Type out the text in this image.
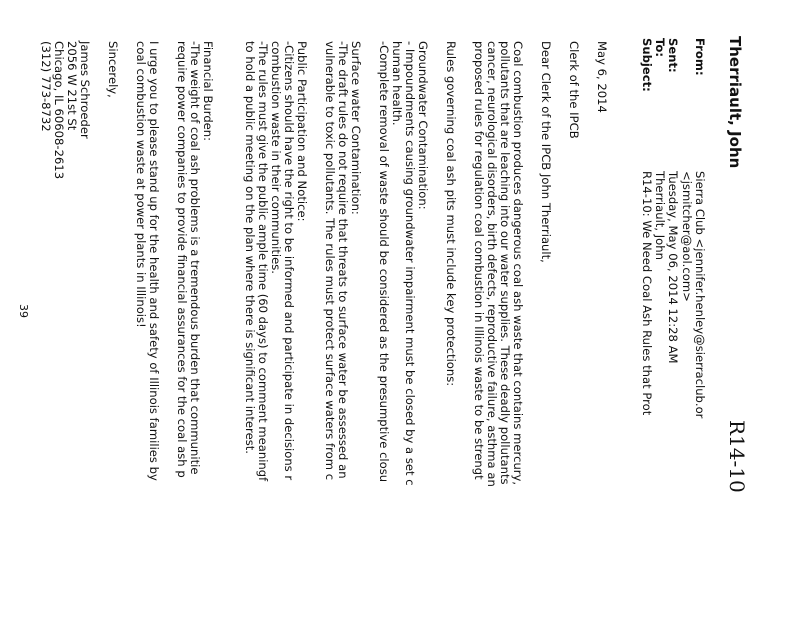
R14-10
Therriault, John
From:
Sierra Club <jennifer.henley@sierraclub.or
<jsmitcher@aol.com>
Sent:
Tuesday, May 06, 2014 12:28 AM
To:
Therriault, John
Subject:
R14-10: We Need Coal Ash Rules that Prot
May 6, 2014
Clerk of the IPCB
Dear Clerk of the IPCB John Therriault,
Coal combustion produces dangerous coal ash waste that contains mercury,
pollutants that are leaching into our water supplies. These deadly pollutants
cancer, neurological disorders, birth defects, reproductive failure, asthma an
proposed rules for regulation coal combustion in Illinois waste to be strengt
Rules governing coal ash pits must include key protections:
Groundwater Contamination:
- Impoundments causing groundwater impairment must be closed by a set c
human health.
-Complete removal of waste should be considered as the presumptive closu
Surface water Contamination:
-The draft rules do not require that threats to surface water be assessed an
vulnerable to toxic pollutants. The rules must protect surface waters from c
Public Participation and Notice:
-Citizens should have the right to be informed and participate in decisions r
combustion waste in their communities.
-The rules must give the public ample time (60 days) to comment meaningf
to hold a public meeting on the plan where there is significant interest.
Financial Burden:
-The weight of coal ash problems is a tremendous burden that communitie
require power companies to provide financial assurances for the coal ash p
I urge you to please stand up for the health and safety of Illinois families by
coal combustion waste at power plants in Illinois!
Sincerely,
James Schroeder
2056 W 21st St
Chicago, IL 60608-2613
(312) 773-8732
39
